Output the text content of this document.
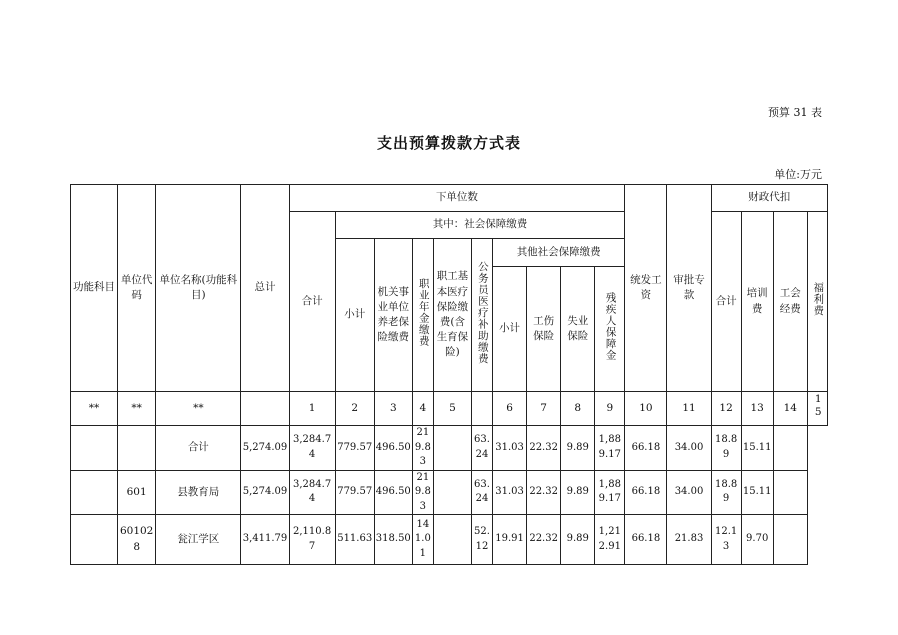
预算 31 表
支出预算拨款方式表
单位:万元
功能科目	单位代码	单位名称(功能科目)	总计	下单位数										统发工资	审批专款	财政代扣			
				合计	其中：社会保障缴费											合计	培训费	工会经费	福利费
					小计	机关事业单位养老保险缴费	职业年金缴费	职工基本医疗保险缴费(含生育保险)	公务员医疗补助缴费	其他社会保障缴费									
										小计	工伤保险	失业保险	残疾人保障金						
**	**	**		1	2	3	4	5		6	7	8	9	10	11	12	13	14	15
		合计	5,274.09	3,284.74	779.57	496.50	219.83		63.24	31.03	22.32	9.89	1,889.17	66.18	34.00	18.89	15.11		
	601	县教育局	5,274.09	3,284.74	779.57	496.50	219.83		63.24	31.03	22.32	9.89	1,889.17	66.18	34.00	18.89	15.11		
	601028	瓮江学区	3,411.79	2,110.87	511.63	318.50	141.01		52.12	19.91	22.32	9.89	1,212.91	66.18	21.83	12.13	9.70		
